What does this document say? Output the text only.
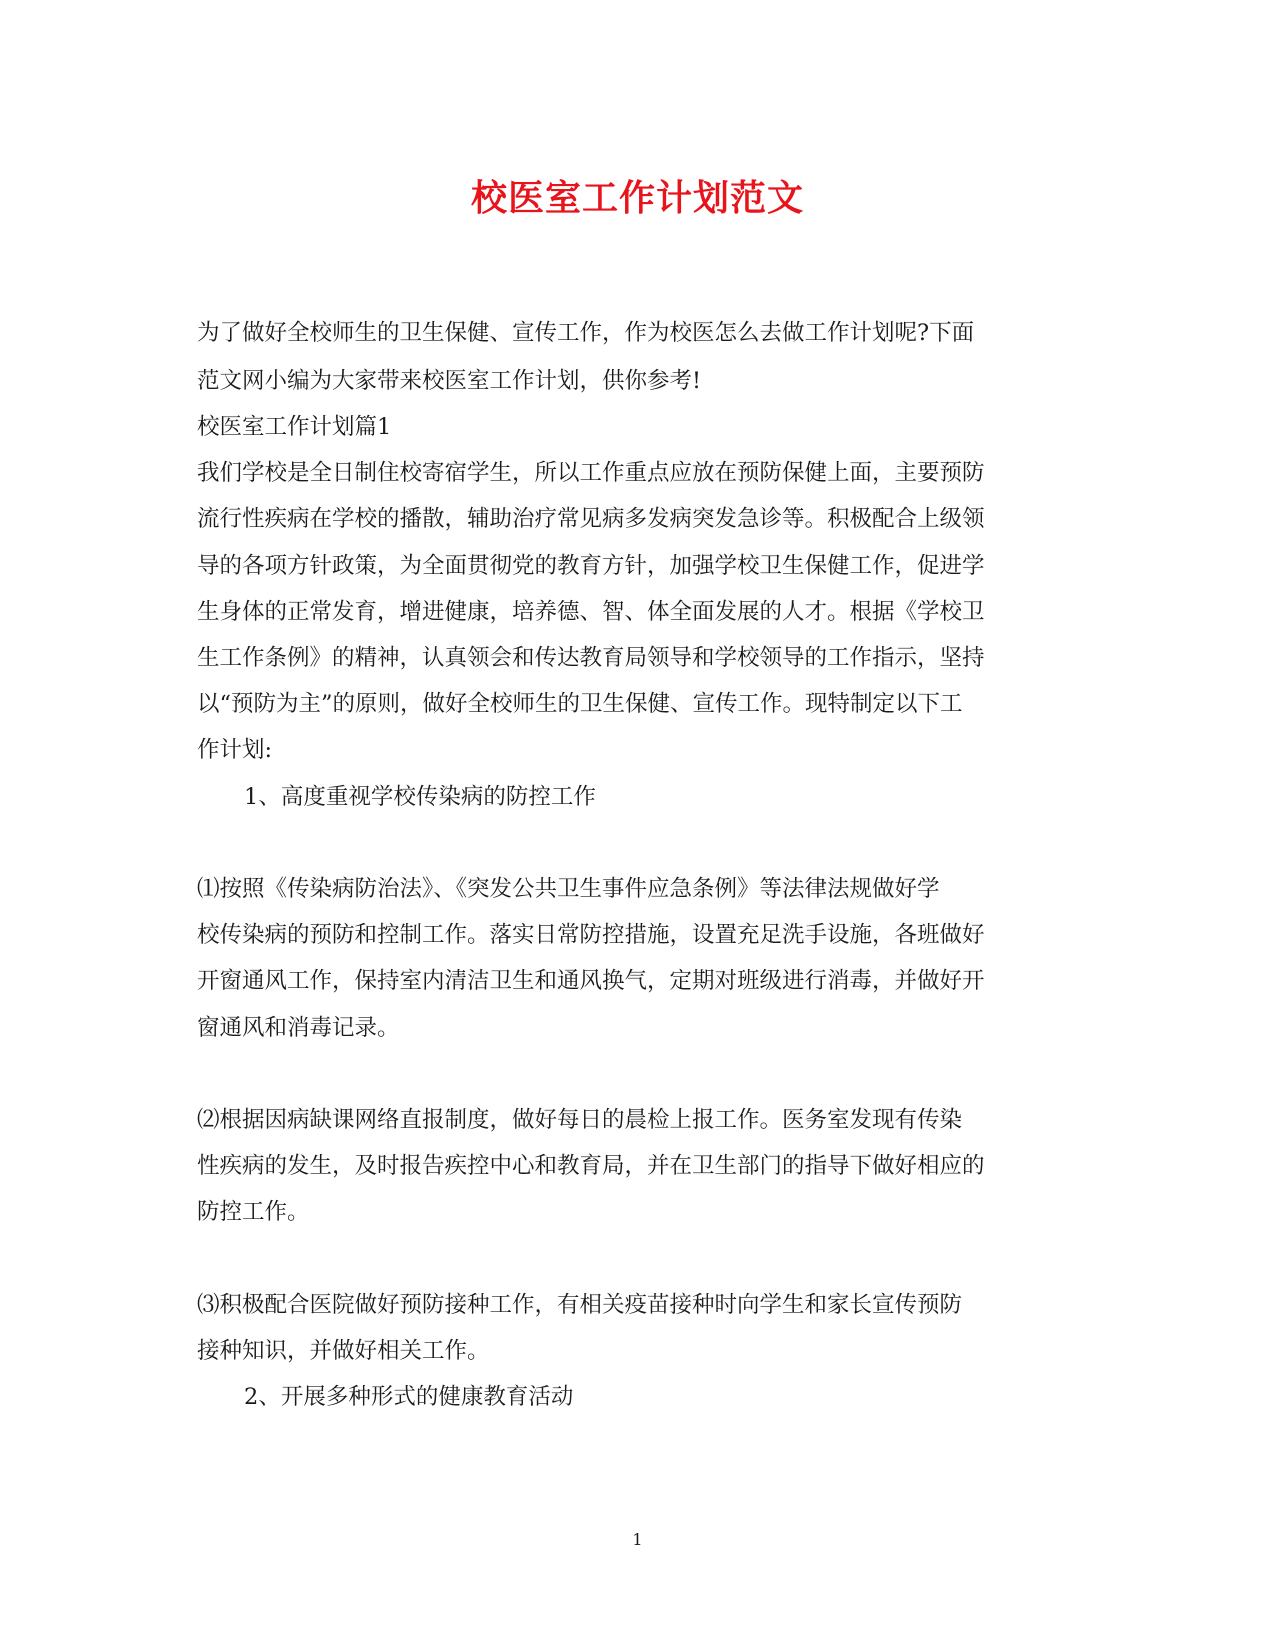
校医室工作计划范文
为了做好全校师生的卫生保健、宣传工作，作为校医怎么去做工作计划呢?下面
范文网小编为大家带来校医室工作计划，供你参考!
校医室工作计划篇1
我们学校是全日制住校寄宿学生，所以工作重点应放在预防保健上面，主要预防
流行性疾病在学校的播散，辅助治疗常见病多发病突发急诊等。积极配合上级领
导的各项方针政策，为全面贯彻党的教育方针，加强学校卫生保健工作，促进学
生身体的正常发育，增进健康，培养德、智、体全面发展的人才。根据《学校卫
生工作条例》的精神，认真领会和传达教育局领导和学校领导的工作指示，坚持
以“预防为主”的原则，做好全校师生的卫生保健、宣传工作。现特制定以下工
作计划:
1、高度重视学校传染病的防控工作
⑴按照《传染病防治法》、《突发公共卫生事件应急条例》等法律法规做好学
校传染病的预防和控制工作。落实日常防控措施，设置充足洗手设施，各班做好
开窗通风工作，保持室内清洁卫生和通风换气，定期对班级进行消毒，并做好开
窗通风和消毒记录。
⑵根据因病缺课网络直报制度，做好每日的晨检上报工作。医务室发现有传染
性疾病的发生，及时报告疾控中心和教育局，并在卫生部门的指导下做好相应的
防控工作。
⑶积极配合医院做好预防接种工作，有相关疫苗接种时向学生和家长宣传预防
接种知识，并做好相关工作。
2、开展多种形式的健康教育活动
1
